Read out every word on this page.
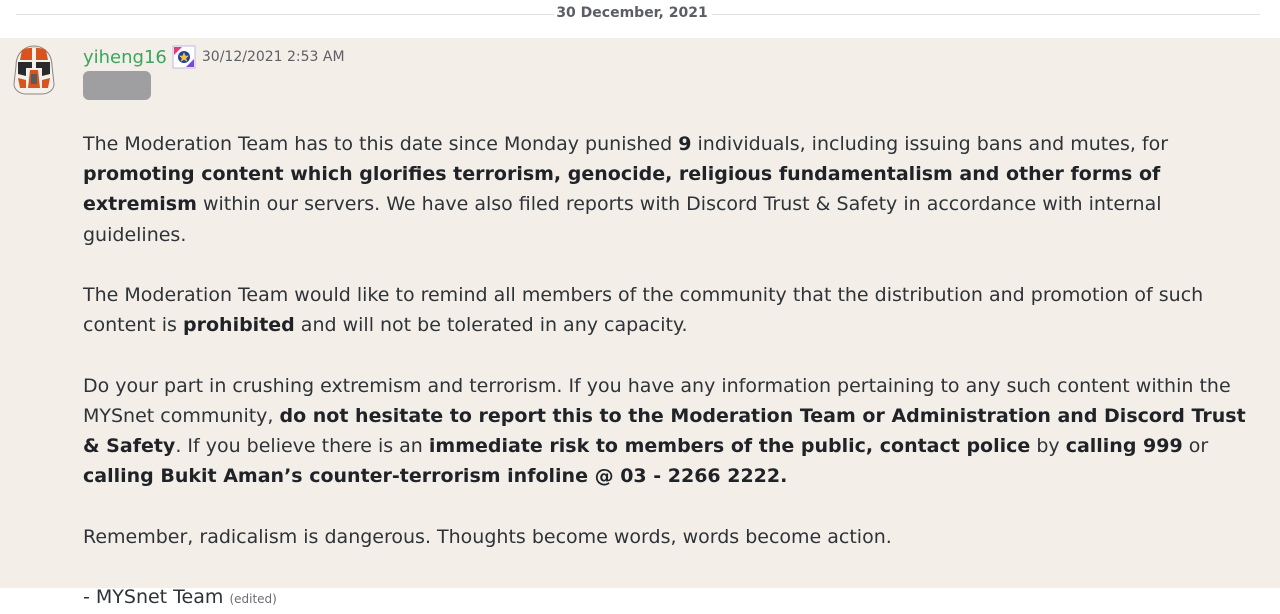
30 December, 2021
yiheng16	30/12/2021 2:53 AM

The Moderation Team has to this date since Monday punished 9 individuals, including issuing bans and mutes, for promoting content which glorifies terrorism, genocide, religious fundamentalism and other forms of extremism within our servers. We have also filed reports with Discord Trust & Safety in accordance with internal guidelines.

The Moderation Team would like to remind all members of the community that the distribution and promotion of such content is prohibited and will not be tolerated in any capacity.

Do your part in crushing extremism and terrorism. If you have any information pertaining to any such content within the MYSnet community, do not hesitate to report this to the Moderation Team or Administration and Discord Trust & Safety. If you believe there is an immediate risk to members of the public, contact police by calling 999 or calling Bukit Aman’s counter-terrorism infoline @ 03 - 2266 2222.

Remember, radicalism is dangerous. Thoughts become words, words become action.

- MYSnet Team (edited)
